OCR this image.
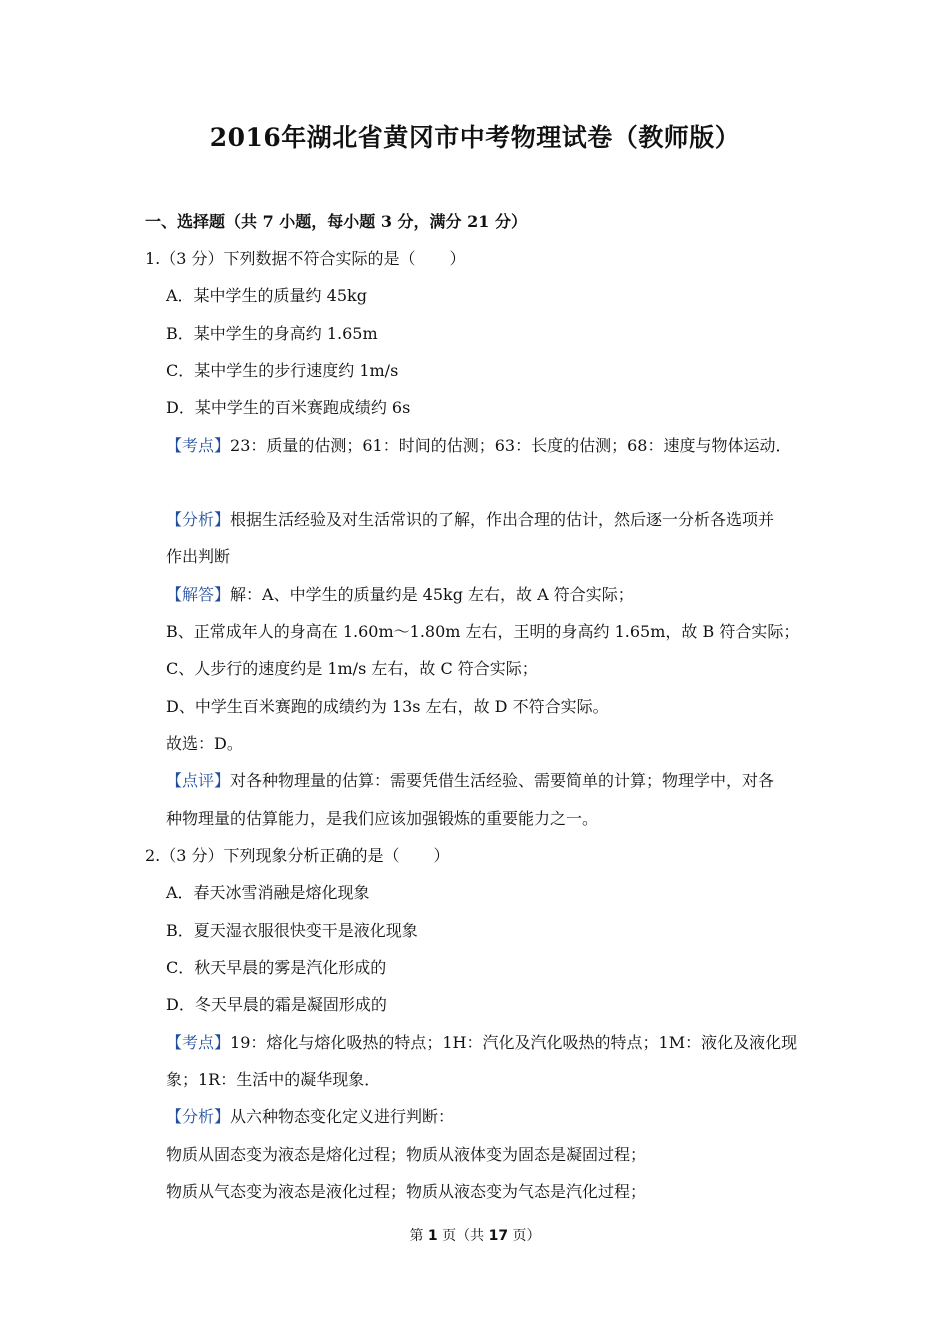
2016年湖北省黄冈市中考物理试卷（教师版）
一、选择题（共 7 小题，每小题 3 分，满分 21 分）
1.（3 分）下列数据不符合实际的是（ ）
A．某中学生的质量约 45kg
B．某中学生的身高约 1.65m
C．某中学生的步行速度约 1m/s
D．某中学生的百米赛跑成绩约 6s
【考点】23：质量的估测；61：时间的估测；63：长度的估测；68：速度与物体运动．
【分析】根据生活经验及对生活常识的了解，作出合理的估计，然后逐一分析各选项并
作出判断
【解答】解：A、中学生的质量约是 45kg 左右，故 A 符合实际；
B、正常成年人的身高在 1.60m～1.80m 左右，王明的身高约 1.65m，故 B 符合实际；
C、人步行的速度约是 1m/s 左右，故 C 符合实际；
D、中学生百米赛跑的成绩约为 13s 左右，故 D 不符合实际。
故选：D。
【点评】对各种物理量的估算：需要凭借生活经验、需要简单的计算；物理学中，对各
种物理量的估算能力，是我们应该加强锻炼的重要能力之一。
2.（3 分）下列现象分析正确的是（ ）
A．春天冰雪消融是熔化现象
B．夏天湿衣服很快变干是液化现象
C．秋天早晨的雾是汽化形成的
D．冬天早晨的霜是凝固形成的
【考点】19：熔化与熔化吸热的特点；1H：汽化及汽化吸热的特点；1M：液化及液化现
象；1R：生活中的凝华现象．
【分析】从六种物态变化定义进行判断：
物质从固态变为液态是熔化过程；物质从液体变为固态是凝固过程；
物质从气态变为液态是液化过程；物质从液态变为气态是汽化过程；
第 1 页（共 17 页）
